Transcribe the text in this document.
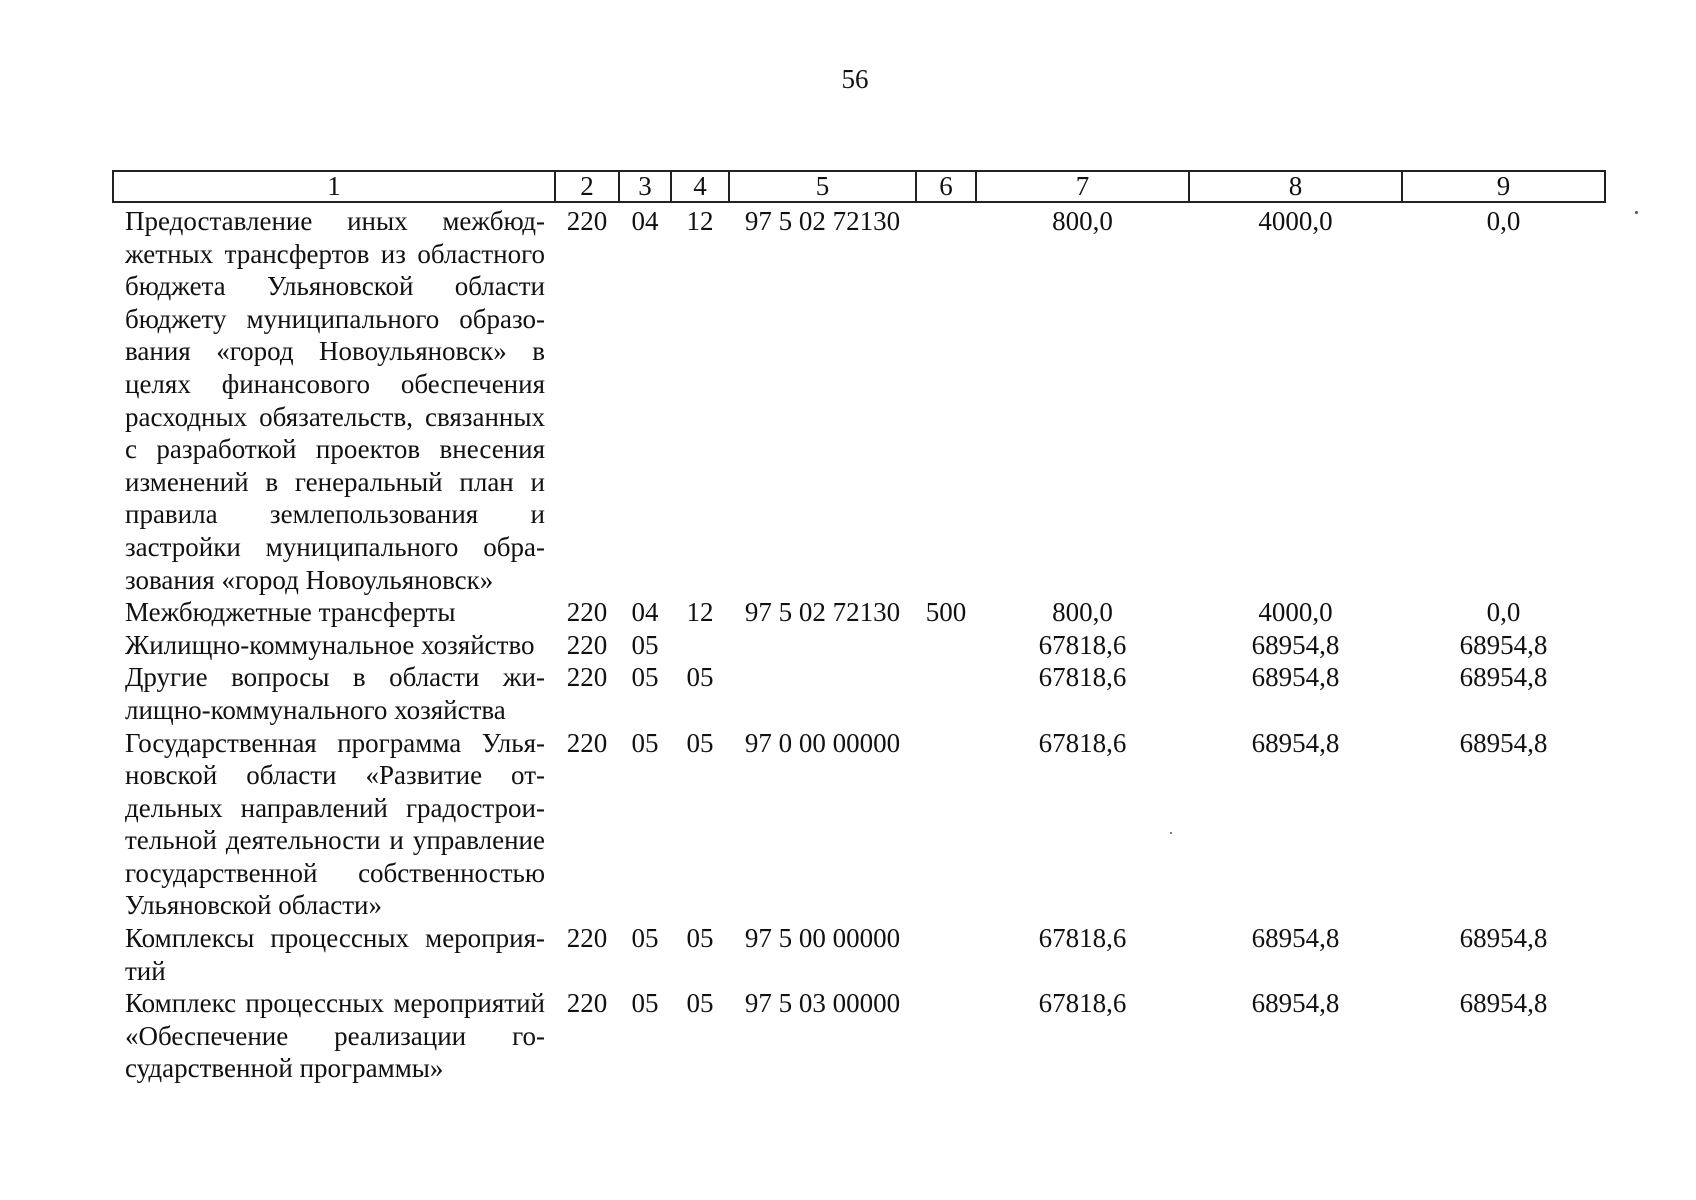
56
1	2	3	4	5	6	7	8	9
Предоставление иных межбюджетных трансфертов из областного бюджета Ульяновской области бюджету муниципального образования «город Новоульяновск» в целях финансового обеспечения расходных обязательств, связанных с разработкой проектов внесения изменений в генеральный план и правила землепользования и застройки муниципального образования «город Новоульяновск»	220	04	12	97 5 02 72130		800,0	4000,0	0,0
Межбюджетные трансферты	220	04	12	97 5 02 72130	500	800,0	4000,0	0,0
Жилищно-коммунальное хозяйство	220	05				67818,6	68954,8	68954,8
Другие вопросы в области жилищно-коммунального хозяйства	220	05	05			67818,6	68954,8	68954,8
Государственная программа Ульяновской области «Развитие отдельных направлений градостроительной деятельности и управление государственной собственностью Ульяновской области»	220	05	05	97 0 00 00000		67818,6	68954,8	68954,8
Комплексы процессных мероприятий	220	05	05	97 5 00 00000		67818,6	68954,8	68954,8
Комплекс процессных мероприятий «Обеспечение реализации государственной программы»	220	05	05	97 5 03 00000		67818,6	68954,8	68954,8
